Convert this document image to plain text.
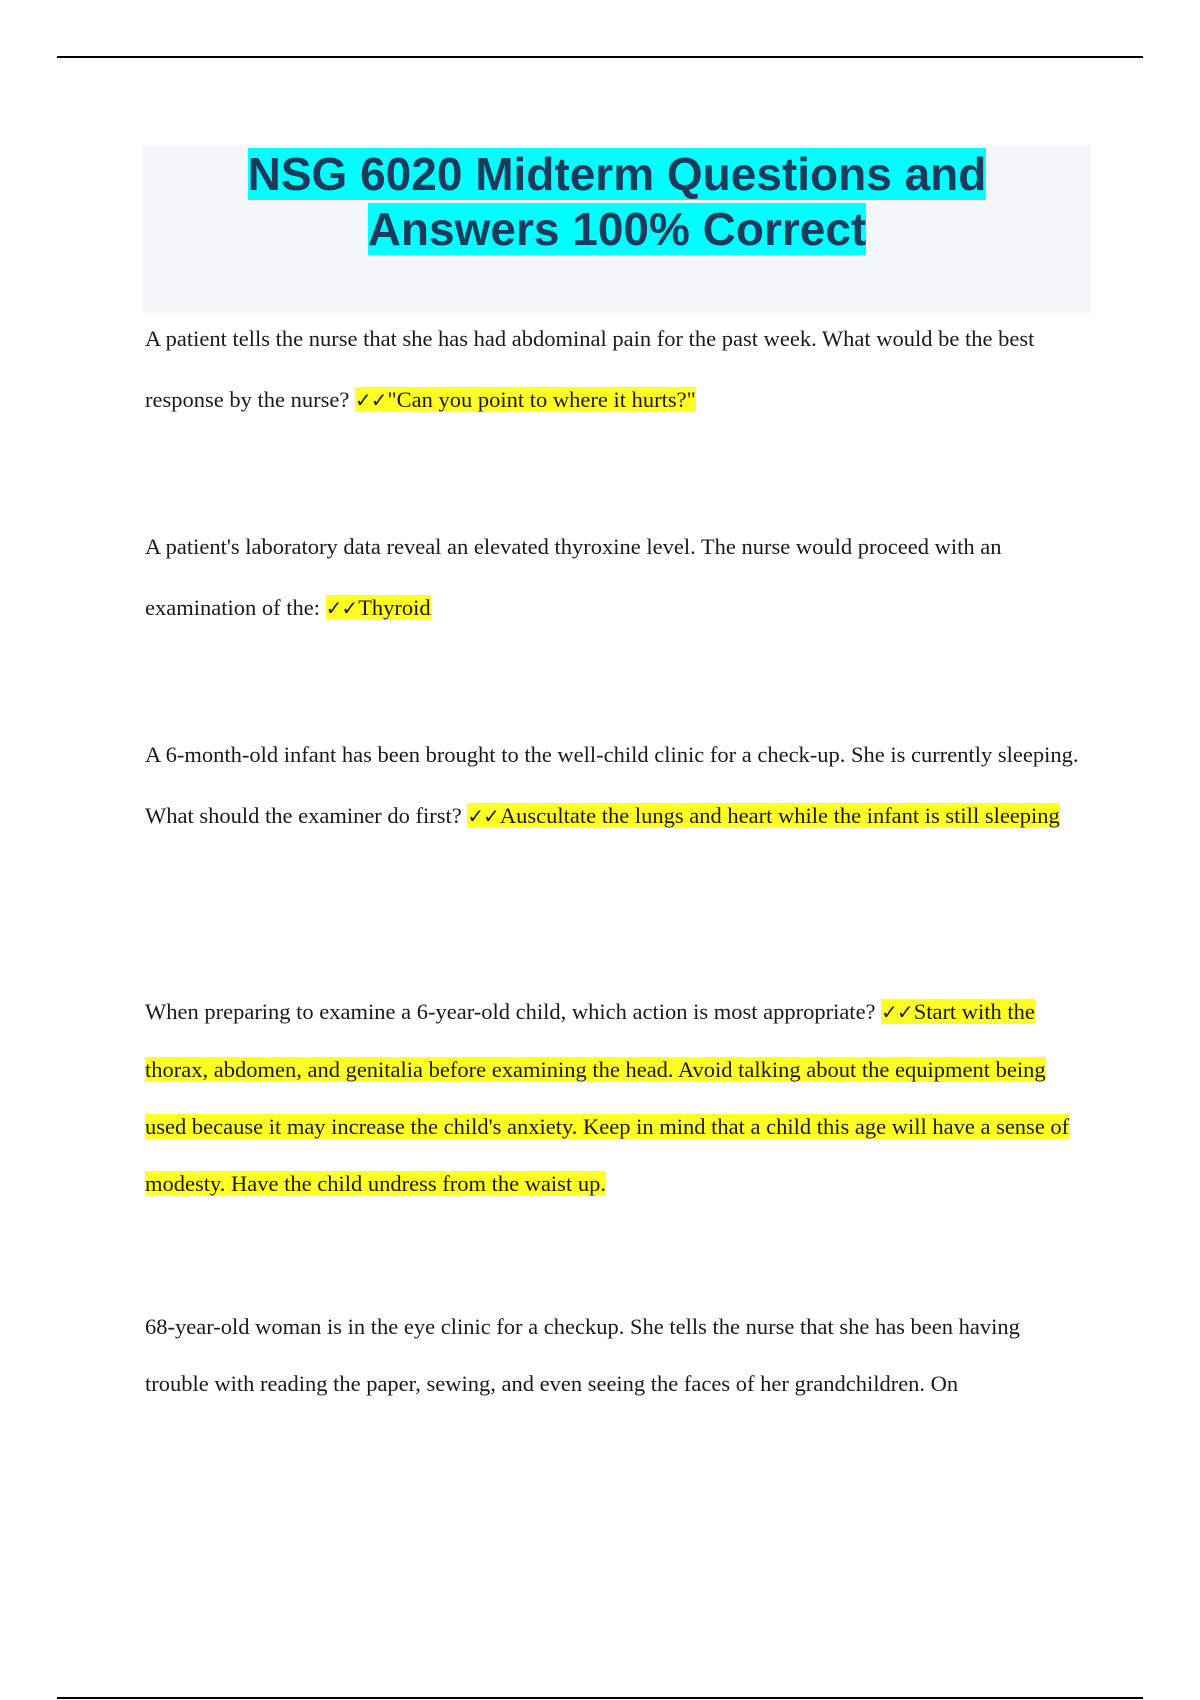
NSG 6020 Midterm Questions and
Answers 100% Correct

A patient tells the nurse that she has had abdominal pain for the past week. What would be the best response by the nurse? ✓✓"Can you point to where it hurts?"

A patient's laboratory data reveal an elevated thyroxine level. The nurse would proceed with an examination of the: ✓✓Thyroid

A 6-month-old infant has been brought to the well-child clinic for a check-up. She is currently sleeping. What should the examiner do first? ✓✓Auscultate the lungs and heart while the infant is still sleeping

When preparing to examine a 6-year-old child, which action is most appropriate? ✓✓Start with the thorax, abdomen, and genitalia before examining the head. Avoid talking about the equipment being used because it may increase the child's anxiety. Keep in mind that a child this age will have a sense of modesty. Have the child undress from the waist up.

68-year-old woman is in the eye clinic for a checkup. She tells the nurse that she has been having trouble with reading the paper, sewing, and even seeing the faces of her grandchildren. On
